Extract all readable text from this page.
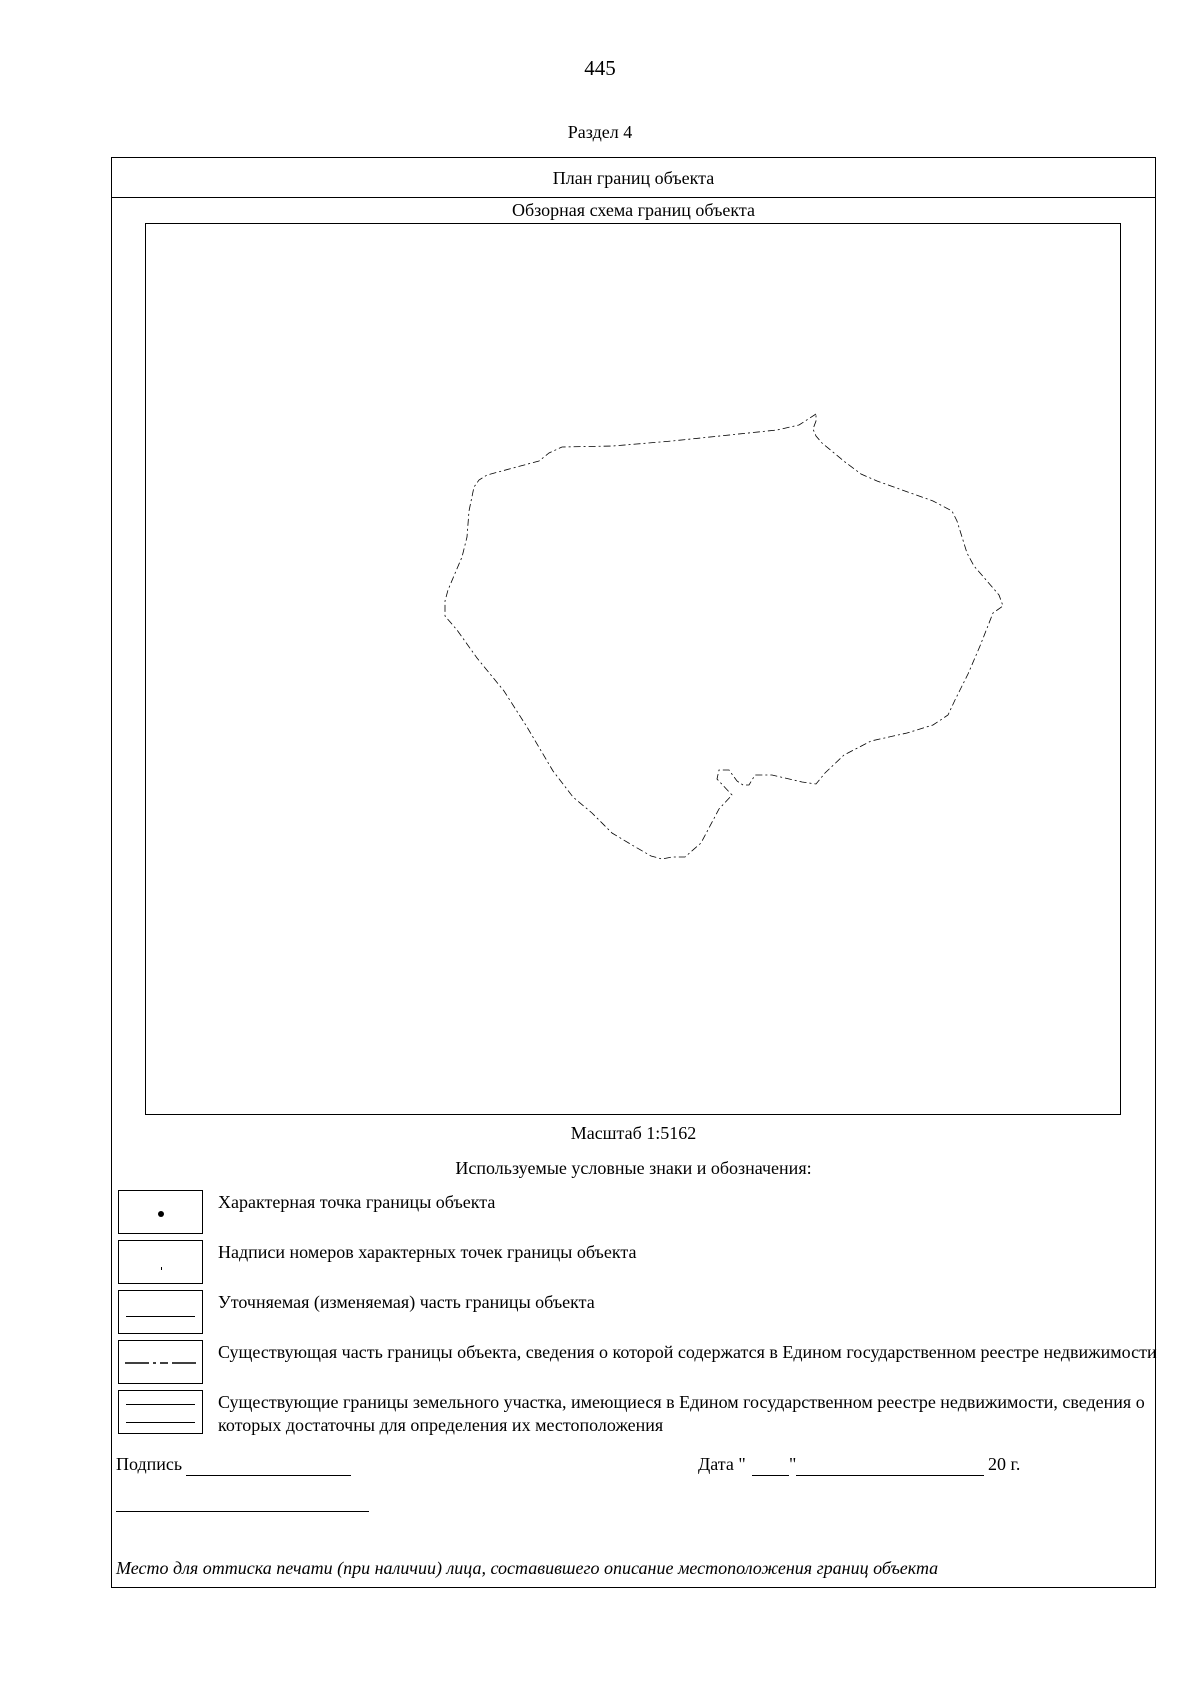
445
Раздел 4
План границ объекта
Обзорная схема границ объекта
Масштаб 1:5162
Используемые условные знаки и обозначения:
Характерная точка границы объекта
Надписи номеров характерных точек границы объекта
Уточняемая (изменяемая) часть границы объекта
Существующая часть границы объекта, сведения о которой содержатся в Едином государственном реестре недвижимости
Существующие границы земельного участка, имеющиеся в Едином государственном реестре недвижимости, сведения о которых достаточны для определения их местоположения
Подпись	Дата " "	20 г.
Место для оттиска печати (при наличии) лица, составившего описание местоположения границ объекта
